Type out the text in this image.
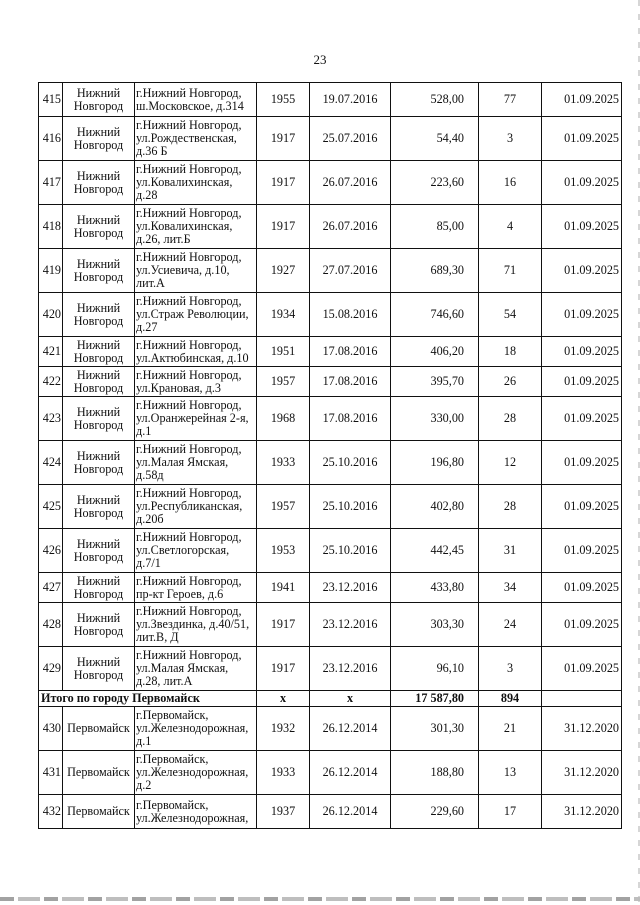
23
415	Нижний Новгород	г.Нижний Новгород, ш.Московское, д.314	1955	19.07.2016	528,00	77	01.09.2025
416	Нижний Новгород	г.Нижний Новгород, ул.Рождественская, д.36 Б	1917	25.07.2016	54,40	3	01.09.2025
417	Нижний Новгород	г.Нижний Новгород, ул.Ковалихинская, д.28	1917	26.07.2016	223,60	16	01.09.2025
418	Нижний Новгород	г.Нижний Новгород, ул.Ковалихинская, д.26, лит.Б	1917	26.07.2016	85,00	4	01.09.2025
419	Нижний Новгород	г.Нижний Новгород, ул.Усиевича, д.10, лит.А	1927	27.07.2016	689,30	71	01.09.2025
420	Нижний Новгород	г.Нижний Новгород, ул.Страж Революции, д.27	1934	15.08.2016	746,60	54	01.09.2025
421	Нижний Новгород	г.Нижний Новгород, ул.Актюбинская, д.10	1951	17.08.2016	406,20	18	01.09.2025
422	Нижний Новгород	г.Нижний Новгород, ул.Крановая, д.3	1957	17.08.2016	395,70	26	01.09.2025
423	Нижний Новгород	г.Нижний Новгород, ул.Оранжерейная 2-я, д.1	1968	17.08.2016	330,00	28	01.09.2025
424	Нижний Новгород	г.Нижний Новгород, ул.Малая Ямская, д.58д	1933	25.10.2016	196,80	12	01.09.2025
425	Нижний Новгород	г.Нижний Новгород, ул.Республиканская, д.20б	1957	25.10.2016	402,80	28	01.09.2025
426	Нижний Новгород	г.Нижний Новгород, ул.Светлогорская, д.7/1	1953	25.10.2016	442,45	31	01.09.2025
427	Нижний Новгород	г.Нижний Новгород, пр-кт Героев, д.6	1941	23.12.2016	433,80	34	01.09.2025
428	Нижний Новгород	г.Нижний Новгород, ул.Звездинка, д.40/51, лит.В, Д	1917	23.12.2016	303,30	24	01.09.2025
429	Нижний Новгород	г.Нижний Новгород, ул.Малая Ямская, д.28, лит.А	1917	23.12.2016	96,10	3	01.09.2025
Итого по городу Первомайск			x	x	17 587,80	894	
430	Первомайск	г.Первомайск, ул.Железнодорожная, д.1	1932	26.12.2014	301,30	21	31.12.2020
431	Первомайск	г.Первомайск, ул.Железнодорожная, д.2	1933	26.12.2014	188,80	13	31.12.2020
432	Первомайск	г.Первомайск, ул.Железнодорожная,	1937	26.12.2014	229,60	17	31.12.2020
